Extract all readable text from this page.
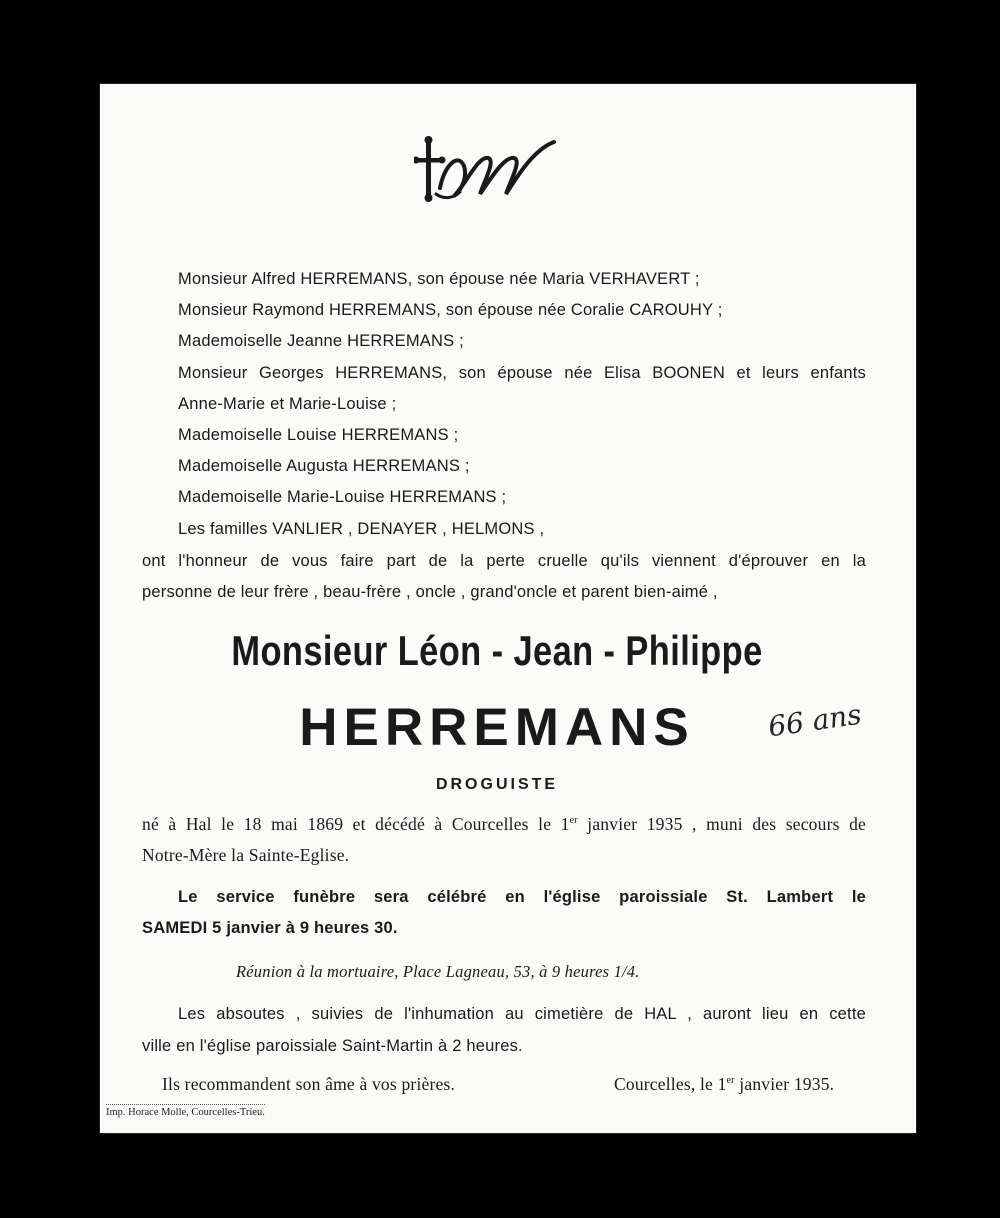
Monsieur Alfred HERREMANS, son épouse née Maria VERHAVERT ;
Monsieur Raymond HERREMANS, son épouse née Coralie CAROUHY ;
Mademoiselle Jeanne HERREMANS ;
Monsieur Georges HERREMANS, son épouse née Elisa BOONEN et leurs enfants
Anne-Marie et Marie-Louise ;
Mademoiselle Louise HERREMANS ;
Mademoiselle Augusta HERREMANS ;
Mademoiselle Marie-Louise HERREMANS ;
Les familles VANLIER , DENAYER , HELMONS ,
ont l'honneur de vous faire part de la perte cruelle qu'ils viennent d'éprouver en la
personne de leur frère , beau-frère , oncle , grand'oncle et parent bien-aimé ,
Monsieur Léon - Jean - Philippe
HERREMANS	66 ans
DROGUISTE
né à Hal le 18 mai 1869 et décédé à Courcelles le 1er janvier 1935 , muni des secours de
Notre-Mère la Sainte-Eglise.
Le service funèbre sera célébré en l'église paroissiale St. Lambert le
SAMEDI 5 janvier à 9 heures 30.
Réunion à la mortuaire, Place Lagneau, 53, à 9 heures 1/4.
Les absoutes , suivies de l'inhumation au cimetière de HAL , auront lieu en cette
ville en l'église paroissiale Saint-Martin à 2 heures.
Ils recommandent son âme à vos prières.	Courcelles, le 1er janvier 1935.
Imp. Horace Molle, Courcelles-Trieu.
